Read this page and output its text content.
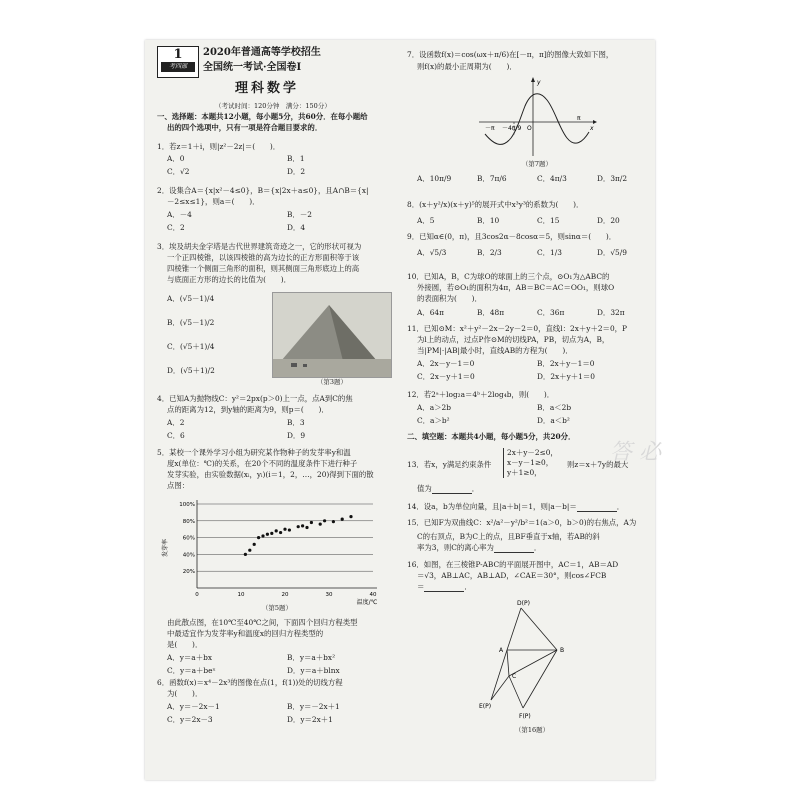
1
考四部
2020年普通高等学校招生
全国统一考试·全国卷Ⅰ
理科数学
（考试时间：120分钟　满分：150分）
一、选择题：本题共12小题，每小题5分，共60分．在每小题给
出的四个选项中，只有一项是符合题目要求的．
1．若z＝1＋i，则|z²－2z|＝(　　)．
A．0	B．1
C．√2	D．2
2．设集合A＝{x|x²－4≤0}，B＝{x|2x＋a≤0}，且A∩B＝{x|
－2≤x≤1}，则a＝(　　)．
A．－4	B．－2
C．2	D．4
3．埃及胡夫金字塔是古代世界建筑奇迹之一，它的形状可视为
一个正四棱锥，以该四棱锥的高为边长的正方形面积等于该
四棱锥一个侧面三角形的面积，则其侧面三角形底边上的高
与底面正方形的边长的比值为(　　)．
A．(√5－1)/4
B．(√5－1)/2
C．(√5＋1)/4
D．(√5＋1)/2
（第3题）
4．已知A为抛物线C：y²＝2px(p＞0)上一点，点A到C的焦
点的距离为12，到y轴的距离为9，则p＝(　　)．
A．2	B．3
C．6	D．9
5．某校一个课外学习小组为研究某作物种子的发芽率y和温
度x(单位：℃)的关系，在20个不同的温度条件下进行种子
发芽实验，由实验数据(xᵢ，yᵢ)(i＝1，2，…，20)得到下面的散
点图：
100%
80%
60%
40%
20%
0	10	20	30	40
温度/℃
发芽率
（第5题）
由此散点图，在10℃至40℃之间，下面四个回归方程类型
中最适宜作为发芽率y和温度x的回归方程类型的
是(　　)．
A．y＝a＋bx	B．y＝a＋bx²
C．y＝a＋beˣ	D．y＝a＋blnx
6．函数f(x)＝x⁴－2x³的图像在点(1，f(1))处的切线方程
为(　　)．
A．y＝－2x－1	B．y＝－2x＋1
C．y＝2x－3	D．y＝2x＋1
7．设函数f(x)＝cos(ωx＋π/6)在[－π，π]的图像大致如下图，
则f(x)的最小正周期为(　　)．
－π －4π/9 O
π
x
y
（第7题）
A．10π/9	B．7π/6	C．4π/3	D．3π/2
8．(x＋y²/x)(x＋y)⁵的展开式中x³y³的系数为(　　)．
A．5	B．10	C．15	D．20
9．已知α∈(0，π)，且3cos2α－8cosα＝5，则sinα＝(　　)．
A．√5/3	B．2/3	C．1/3	D．√5/9
10．已知A，B，C为球O的球面上的三个点，⊙O₁为△ABC的
外接圆，若⊙O₁的面积为4π，AB＝BC＝AC＝OO₁，则球O
的表面积为(　　)．
A．64π	B．48π	C．36π	D．32π
11．已知⊙M：x²＋y²－2x－2y－2＝0，直线l：2x＋y＋2＝0，P
为l上的动点，过点P作⊙M的切线PA，PB，切点为A，B，
当|PM|·|AB|最小时，直线AB的方程为(　　)．
A．2x－y－1＝0	B．2x＋y－1＝0
C．2x－y＋1＝0	D．2x＋y＋1＝0
12．若2ᵃ＋log₂a＝4ᵇ＋2log₄b，则(　　)．
A．a＞2b	B．a＜2b
C．a＞b²	D．a＜b²
二、填空题：本题共4小题，每小题5分，共20分．
13．若x，y满足约束条件
2x＋y－2≤0，
x－y－1≥0，
y＋1≥0，
则z＝x＋7y的最大
值为	．
14．设a，b为单位向量，且|a＋b|＝1，则|a－b|＝	．
15．已知F为双曲线C：x²/a²－y²/b²＝1(a＞0，b＞0)的右焦点，A为
C的右顶点，B为C上的点，且BF垂直于x轴，若AB的斜
率为3，则C的离心率为	．
16．如图，在三棱锥P-ABC的平面展开图中，AC＝1，AB＝AD
＝√3，AB⊥AC，AB⊥AD，∠CAE＝30°，则cos∠FCB
＝	．
D(P)
A	B
C
E(P)
F(P)
（第16题）
答 必
